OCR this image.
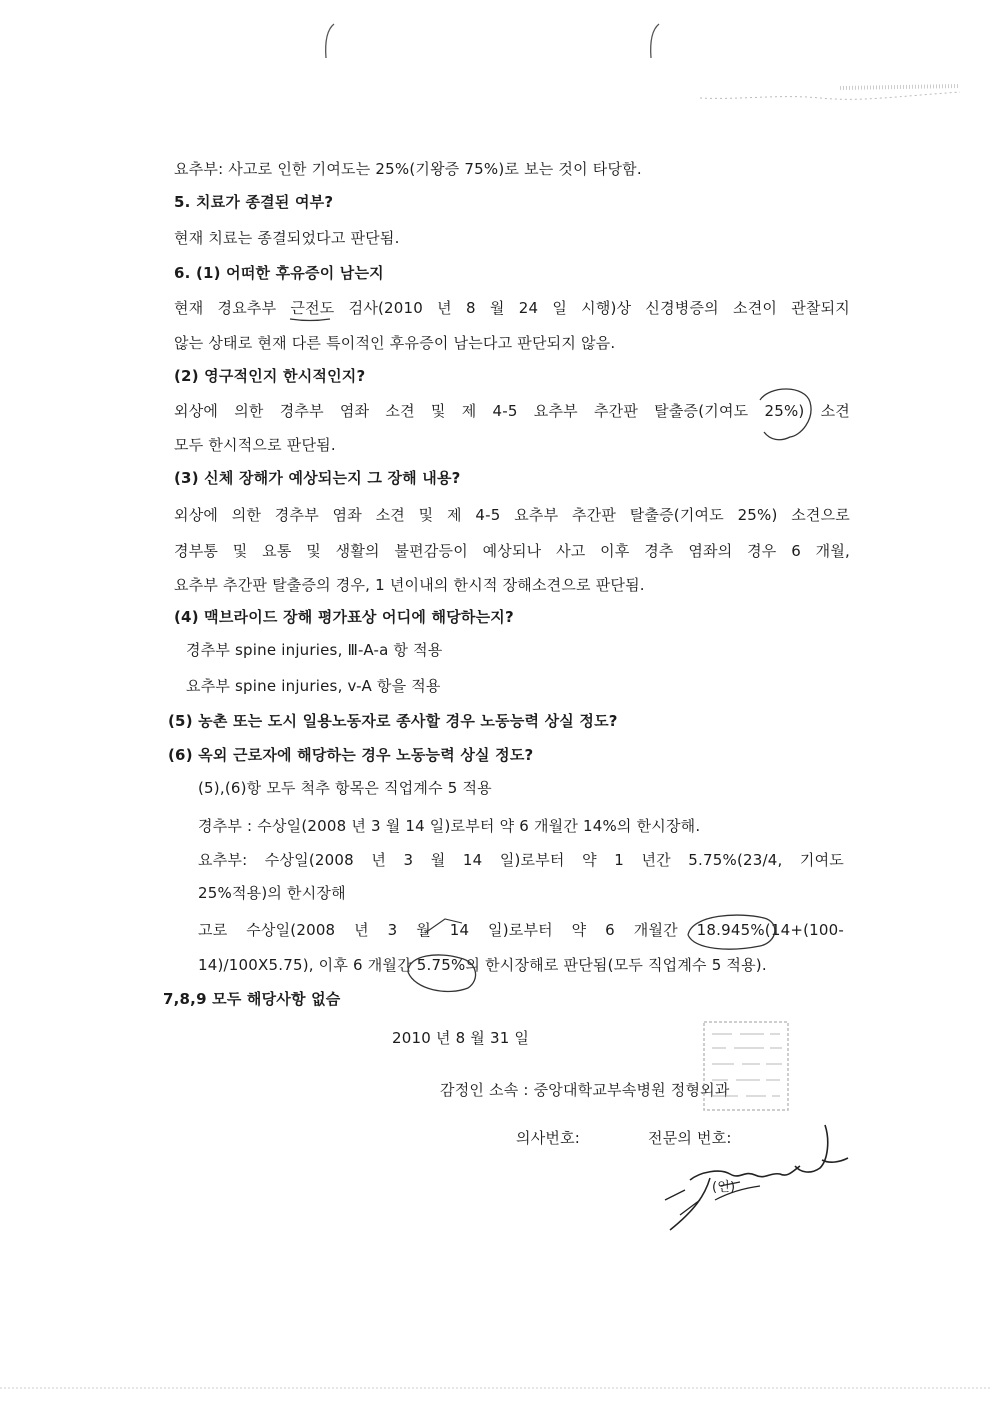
요추부: 사고로 인한 기여도는 25%(기왕증 75%)로 보는 것이 타당함.
5. 치료가 종결된 여부?
현재 치료는 종결되었다고 판단됨.
6. (1) 어떠한 후유증이 남는지
현재 경요추부 근전도 검사(2010 년 8 월 24 일 시행)상 신경병증의 소견이 관찰되지
않는 상태로 현재 다른 특이적인 후유증이 남는다고 판단되지 않음.
(2) 영구적인지 한시적인지?
외상에 의한 경추부 염좌 소견 및 제 4-5 요추부 추간판 탈출증(기여도 25%) 소견
모두 한시적으로 판단됨.
(3) 신체 장해가 예상되는지 그 장해 내용?
외상에 의한 경추부 염좌 소견 및 제 4-5 요추부 추간판 탈출증(기여도 25%) 소견으로
경부통 및 요통 및 생활의 불편감등이 예상되나 사고 이후 경추 염좌의 경우 6 개월,
요추부 추간판 탈출증의 경우, 1 년이내의 한시적 장해소견으로 판단됨.
(4) 맥브라이드 장해 평가표상 어디에 해당하는지?
경추부 spine injuries, Ⅲ-A-a 항 적용
요추부 spine injuries, v-A 항을 적용
(5) 농촌 또는 도시 일용노동자로 종사할 경우 노동능력 상실 정도?
(6) 옥외 근로자에 해당하는 경우 노동능력 상실 정도?
(5),(6)항 모두 척추 항목은 직업계수 5 적용
경추부 : 수상일(2008 년 3 월 14 일)로부터 약 6 개월간 14%의 한시장해.
요추부: 수상일(2008 년 3 월 14 일)로부터 약 1 년간 5.75%(23/4, 기여도
25%적용)의 한시장해
고로 수상일(2008 년 3 월 14 일)로부터 약 6 개월간 18.945%(14+(100-
14)/100X5.75), 이후 6 개월간 5.75%의 한시장해로 판단됨(모두 직업계수 5 적용).
7,8,9 모두 해당사항 없슴
2010 년 8 월 31 일
감정인 소속 : 중앙대학교부속병원 정형외과
의사번호:	전문의 번호:
(인)
